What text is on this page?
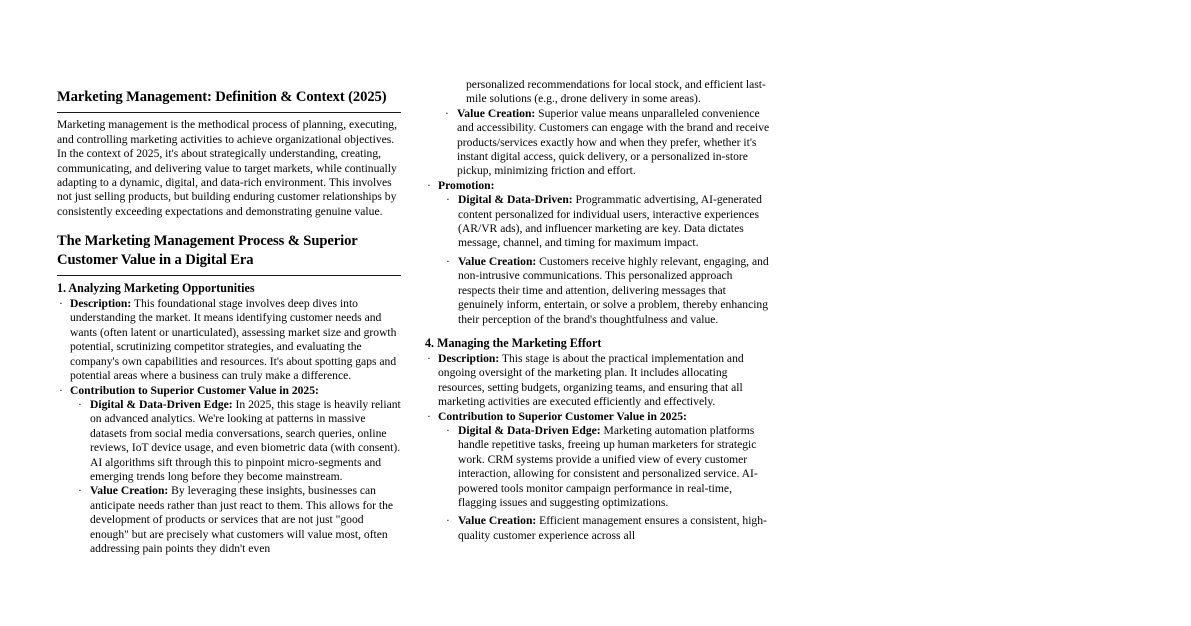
Marketing Management: Definition & Context (2025)

Marketing management is the methodical process of planning, executing, and controlling marketing activities to achieve organizational objectives. In the context of 2025, it's about strategically understanding, creating, communicating, and delivering value to target markets, while continually adapting to a dynamic, digital, and data-rich environment. This involves not just selling products, but building enduring customer relationships by consistently exceeding expectations and demonstrating genuine value.

The Marketing Management Process & Superior Customer Value in a Digital Era
1. Analyzing Marketing Opportunities
· Description: This foundational stage involves deep dives into understanding the market. It means identifying customer needs and wants (often latent or unarticulated), assessing market size and growth potential, scrutinizing competitor strategies, and evaluating the company's own capabilities and resources. It's about spotting gaps and potential areas where a business can truly make a difference.
· Contribution to Superior Customer Value in 2025:
· Digital & Data-Driven Edge: In 2025, this stage is heavily reliant on advanced analytics. We're looking at patterns in massive datasets from social media conversations, search queries, online reviews, IoT device usage, and even biometric data (with consent). AI algorithms sift through this to pinpoint micro-segments and emerging trends long before they become mainstream.
· Value Creation: By leveraging these insights, businesses can anticipate needs rather than just react to them. This allows for the development of products or services that are not just "good enough" but are precisely what customers will value most, often addressing pain points they didn't even
personalized recommendations for local stock, and efficient last-mile solutions (e.g., drone delivery in some areas).
· Value Creation: Superior value means unparalleled convenience and accessibility. Customers can engage with the brand and receive products/services exactly how and when they prefer, whether it's instant digital access, quick delivery, or a personalized in-store pickup, minimizing friction and effort.
· Promotion:
· Digital & Data-Driven: Programmatic advertising, AI-generated content personalized for individual users, interactive experiences (AR/VR ads), and influencer marketing are key. Data dictates message, channel, and timing for maximum impact.
· Value Creation: Customers receive highly relevant, engaging, and non-intrusive communications. This personalized approach respects their time and attention, delivering messages that genuinely inform, entertain, or solve a problem, thereby enhancing their perception of the brand's thoughtfulness and value.
4. Managing the Marketing Effort
· Description: This stage is about the practical implementation and ongoing oversight of the marketing plan. It includes allocating resources, setting budgets, organizing teams, and ensuring that all marketing activities are executed efficiently and effectively.
· Contribution to Superior Customer Value in 2025:
· Digital & Data-Driven Edge: Marketing automation platforms handle repetitive tasks, freeing up human marketers for strategic work. CRM systems provide a unified view of every customer interaction, allowing for consistent and personalized service. AI-powered tools monitor campaign performance in real-time, flagging issues and suggesting optimizations.
· Value Creation: Efficient management ensures a consistent, high-quality customer experience across all
